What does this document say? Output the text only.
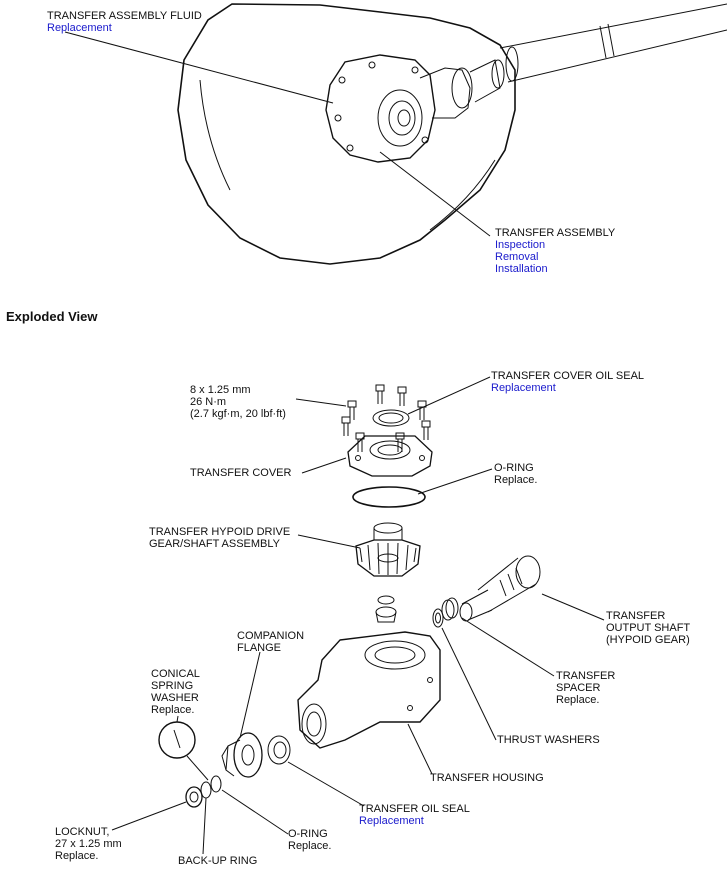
TRANSFER ASSEMBLY FLUID
Replacement
TRANSFER ASSEMBLY
Inspection
Removal
Installation
Exploded View
8 x 1.25 mm
26 N·m
(2.7 kgf·m, 20 lbf·ft)
TRANSFER COVER OIL SEAL
Replacement
TRANSFER COVER	O-RING
Replace.
TRANSFER HYPOID DRIVE
GEAR/SHAFT ASSEMBLY
TRANSFER
OUTPUT SHAFT
(HYPOID GEAR)
COMPANION
FLANGE
CONICAL
SPRING
WASHER
Replace.
TRANSFER
SPACER
Replace.
THRUST WASHERS
TRANSFER HOUSING
TRANSFER OIL SEAL
Replacement
LOCKNUT,
27 x 1.25 mm
Replace.
O-RING
Replace.
BACK-UP RING
